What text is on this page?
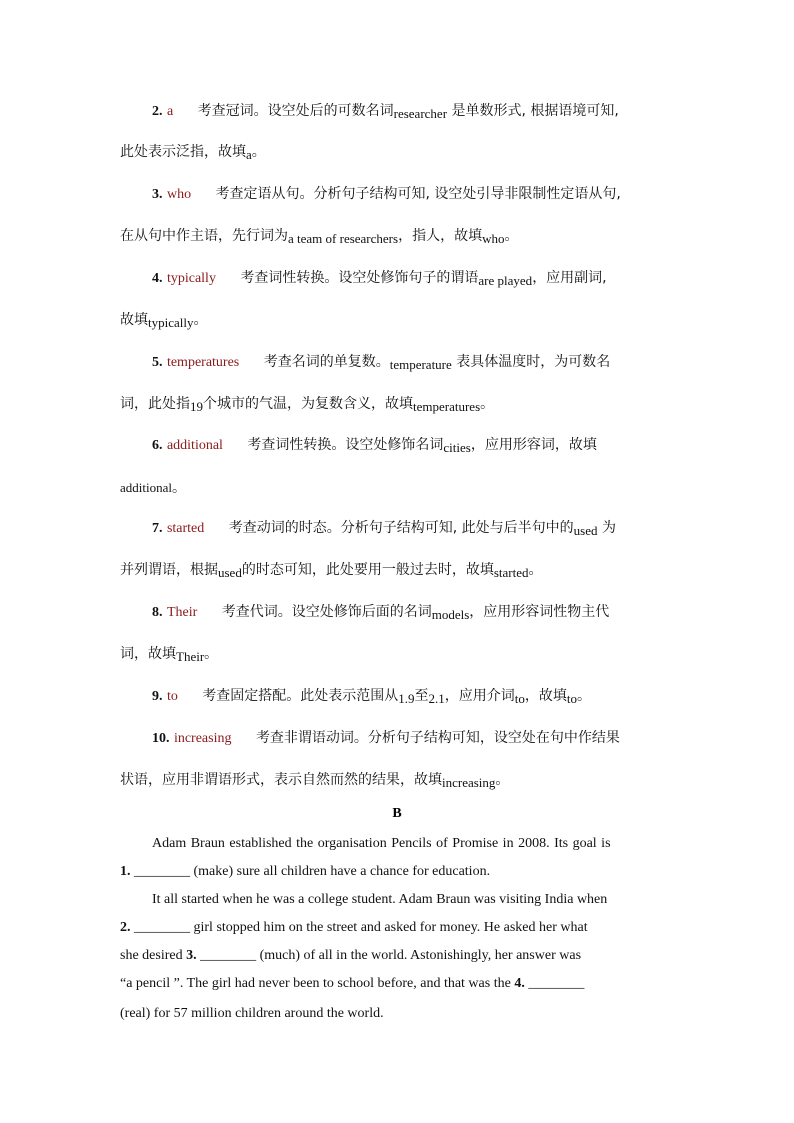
2. a 考查冠词。设空处后的可数名词researcher 是单数形式, 根据语境可知,
此处表示泛指，故填a。
3. who 考查定语从句。分析句子结构可知, 设空处引导非限制性定语从句,
在从句中作主语，先行词为a team of researchers，指人，故填who。
4. typically 考查词性转换。设空处修饰句子的谓语are played，应用副词,
故填typically。
5. temperatures 考查名词的单复数。temperature 表具体温度时，为可数名
词，此处指19个城市的气温，为复数含义，故填temperatures。
6. additional 考查词性转换。设空处修饰名词cities，应用形容词，故填
additional。
7. started 考查动词的时态。分析句子结构可知, 此处与后半句中的used 为
并列谓语，根据used的时态可知，此处要用一般过去时，故填started。
8. Their 考查代词。设空处修饰后面的名词models，应用形容词性物主代
词，故填Their。
9. to 考查固定搭配。此处表示范围从1.9至2.1，应用介词to，故填to。
10. increasing 考查非谓语动词。分析句子结构可知，设空处在句中作结果
状语，应用非谓语形式，表示自然而然的结果，故填increasing。
B
Adam Braun established the organisation Pencils of Promise in 2008. Its goal is
1. ________ (make) sure all children have a chance for education.
It all started when he was a college student. Adam Braun was visiting India when
2. ________ girl stopped him on the street and asked for money. He asked her what
she desired 3. ________ (much) of all in the world. Astonishingly, her answer was
“a pencil ”. The girl had never been to school before, and that was the 4. ________
(real) for 57 million children around the world.
